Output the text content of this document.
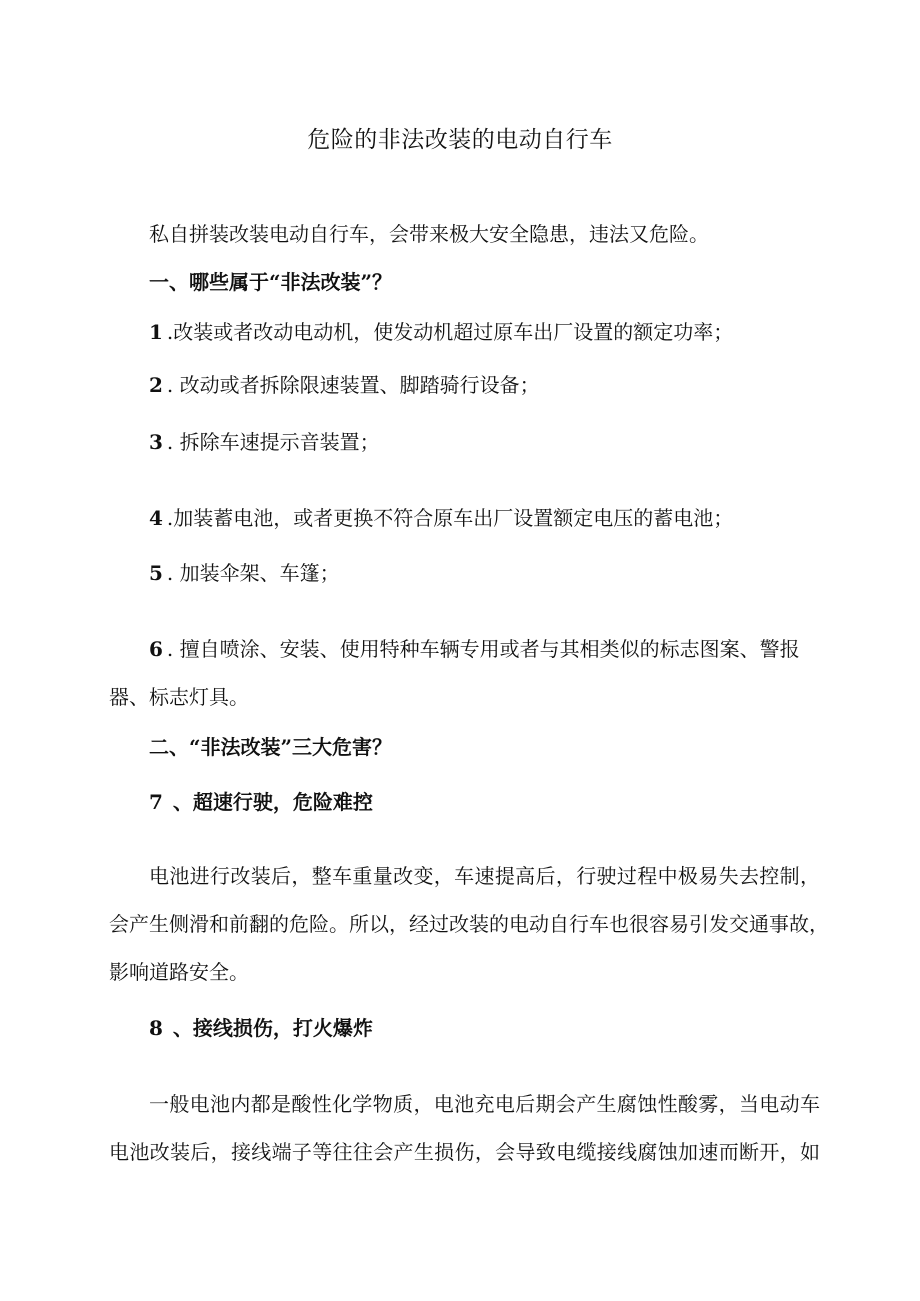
危险的非法改装的电动自行车
私自拼装改装电动自行车，会带来极大安全隐患，违法又危险。
一、哪些属于“非法改装”？
1 .改装或者改动电动机，使发动机超过原车出厂设置的额定功率；
2 . 改动或者拆除限速装置、脚踏骑行设备；
3 . 拆除车速提示音装置；
4 .加装蓄电池，或者更换不符合原车出厂设置额定电压的蓄电池；
5 . 加装伞架、车篷；
6 . 擅自喷涂、安装、使用特种车辆专用或者与其相类似的标志图案、警报
器、标志灯具。
二、“非法改装”三大危害？
7 、超速行驶，危险难控
电池进行改装后，整车重量改变，车速提高后，行驶过程中极易失去控制，
会产生侧滑和前翻的危险。所以，经过改装的电动自行车也很容易引发交通事故，
影响道路安全。
8 、接线损伤，打火爆炸
一般电池内都是酸性化学物质，电池充电后期会产生腐蚀性酸雾，当电动车
电池改装后，接线端子等往往会产生损伤，会导致电缆接线腐蚀加速而断开，如
